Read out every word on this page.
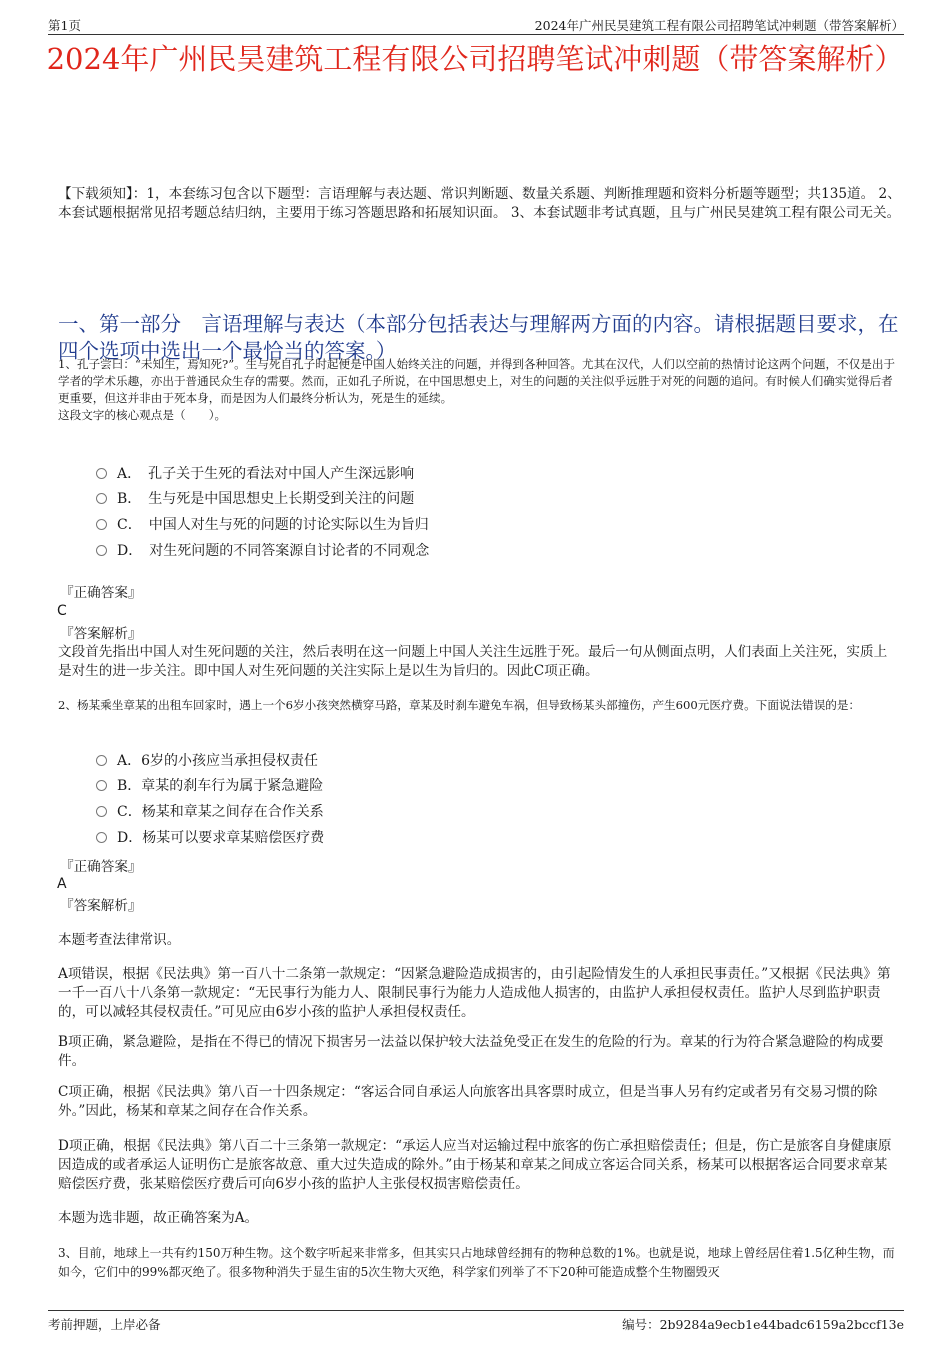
第1页	2024年广州民昊建筑工程有限公司招聘笔试冲刺题（带答案解析）
2024年广州民昊建筑工程有限公司招聘笔试冲刺题（带答案解析）
【下载须知】：1，本套练习包含以下题型：言语理解与表达题、常识判断题、数量关系题、判断推理题和资料分析题等题型；共135道。 2、本套试题根据常见招考题总结归纳，主要用于练习答题思路和拓展知识面。 3、本套试题非考试真题，且与广州民昊建筑工程有限公司无关。
一、第一部分　言语理解与表达（本部分包括表达与理解两方面的内容。请根据题目要求，在四个选项中选出一个最恰当的答案。）
1、孔子尝曰：“未知生，焉知死?”。生与死自孔子时起便是中国人始终关注的问题，并得到各种回答。尤其在汉代，人们以空前的热情讨论这两个问题，不仅是出于学者的学术乐趣，亦出于普通民众生存的需要。然而，正如孔子所说，在中国思想史上，对生的问题的关注似乎远胜于对死的问题的追问。有时候人们确实觉得后者更重要，但这并非由于死本身，而是因为人们最终分析认为，死是生的延续。
这段文字的核心观点是（　　）。
A．　孔子关于生死的看法对中国人产生深远影响
B．　生与死是中国思想史上长期受到关注的问题
C．　中国人对生与死的问题的讨论实际以生为旨归
D．　对生死问题的不同答案源自讨论者的不同观念
『正确答案』
C
『答案解析』
文段首先指出中国人对生死问题的关注，然后表明在这一问题上中国人关注生远胜于死。最后一句从侧面点明，人们表面上关注死，实质上是对生的进一步关注。即中国人对生死问题的关注实际上是以生为旨归的。因此C项正确。
2、杨某乘坐章某的出租车回家时，遇上一个6岁小孩突然横穿马路，章某及时刹车避免车祸，但导致杨某头部撞伤，产生600元医疗费。下面说法错误的是：
A．6岁的小孩应当承担侵权责任
B．章某的刹车行为属于紧急避险
C．杨某和章某之间存在合作关系
D．杨某可以要求章某赔偿医疗费
『正确答案』
A
『答案解析』
本题考查法律常识。
A项错误，根据《民法典》第一百八十二条第一款规定：“因紧急避险造成损害的，由引起险情发生的人承担民事责任。”又根据《民法典》第一千一百八十八条第一款规定：“无民事行为能力人、限制民事行为能力人造成他人损害的，由监护人承担侵权责任。监护人尽到监护职责的，可以减轻其侵权责任。”可见应由6岁小孩的监护人承担侵权责任。
B项正确，紧急避险，是指在不得已的情况下损害另一法益以保护较大法益免受正在发生的危险的行为。章某的行为符合紧急避险的构成要件。
C项正确，根据《民法典》第八百一十四条规定：“客运合同自承运人向旅客出具客票时成立，但是当事人另有约定或者另有交易习惯的除外。”因此，杨某和章某之间存在合作关系。
D项正确，根据《民法典》第八百二十三条第一款规定：“承运人应当对运输过程中旅客的伤亡承担赔偿责任；但是，伤亡是旅客自身健康原因造成的或者承运人证明伤亡是旅客故意、重大过失造成的除外。”由于杨某和章某之间成立客运合同关系，杨某可以根据客运合同要求章某赔偿医疗费，张某赔偿医疗费后可向6岁小孩的监护人主张侵权损害赔偿责任。
本题为选非题，故正确答案为A。
3、目前，地球上一共有约150万种生物。这个数字听起来非常多，但其实只占地球曾经拥有的物种总数的1%。也就是说，地球上曾经居住着1.5亿种生物，而如今，它们中的99%都灭绝了。很多物种消失于显生宙的5次生物大灭绝，科学家们列举了不下20种可能造成整个生物圈毁灭
考前押题，上岸必备	编号：2b9284a9ecb1e44badc6159a2bccf13e
